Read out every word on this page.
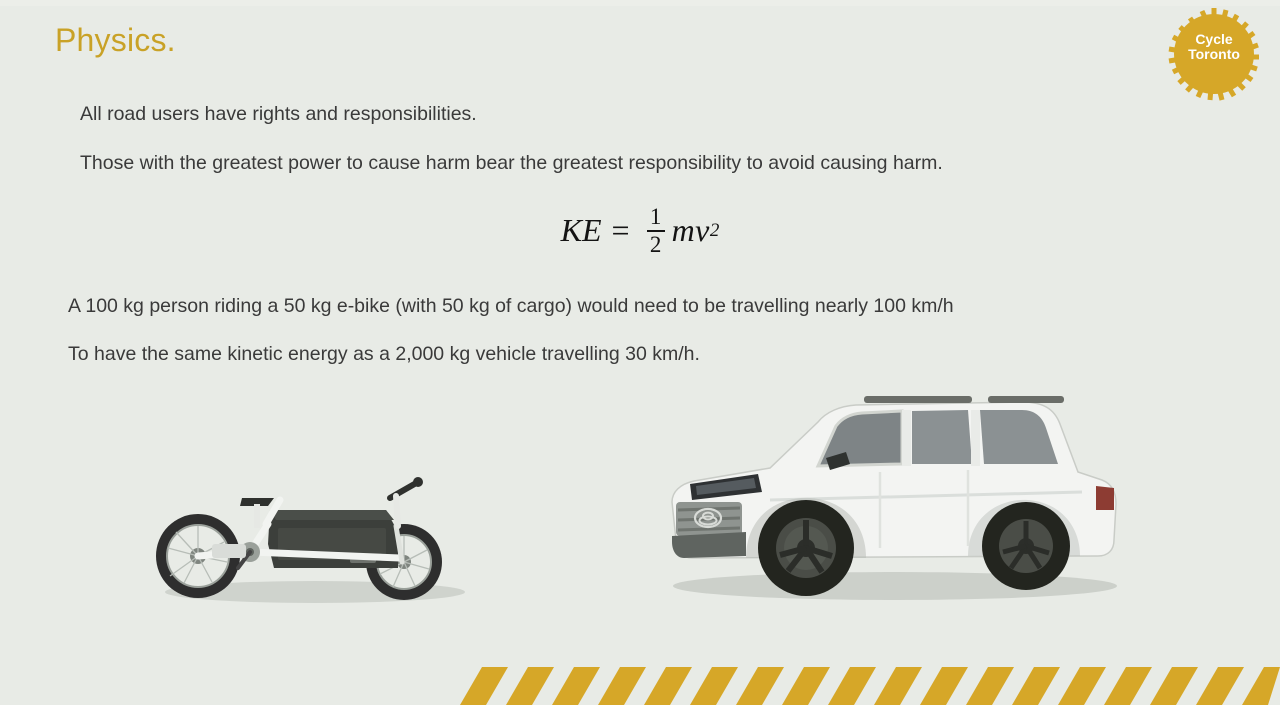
Physics.	Cycle
Toronto
All road users have rights and responsibilities.
Those with the greatest power to cause harm bear the greatest responsibility to avoid causing harm.
KE = $\frac{1}{2}$ mv 2
A 100 kg person riding a 50 kg e-bike (with 50 kg of cargo) would need to be travelling nearly 100 km/h
To have the same kinetic energy as a 2,000 kg vehicle travelling 30 km/h.
